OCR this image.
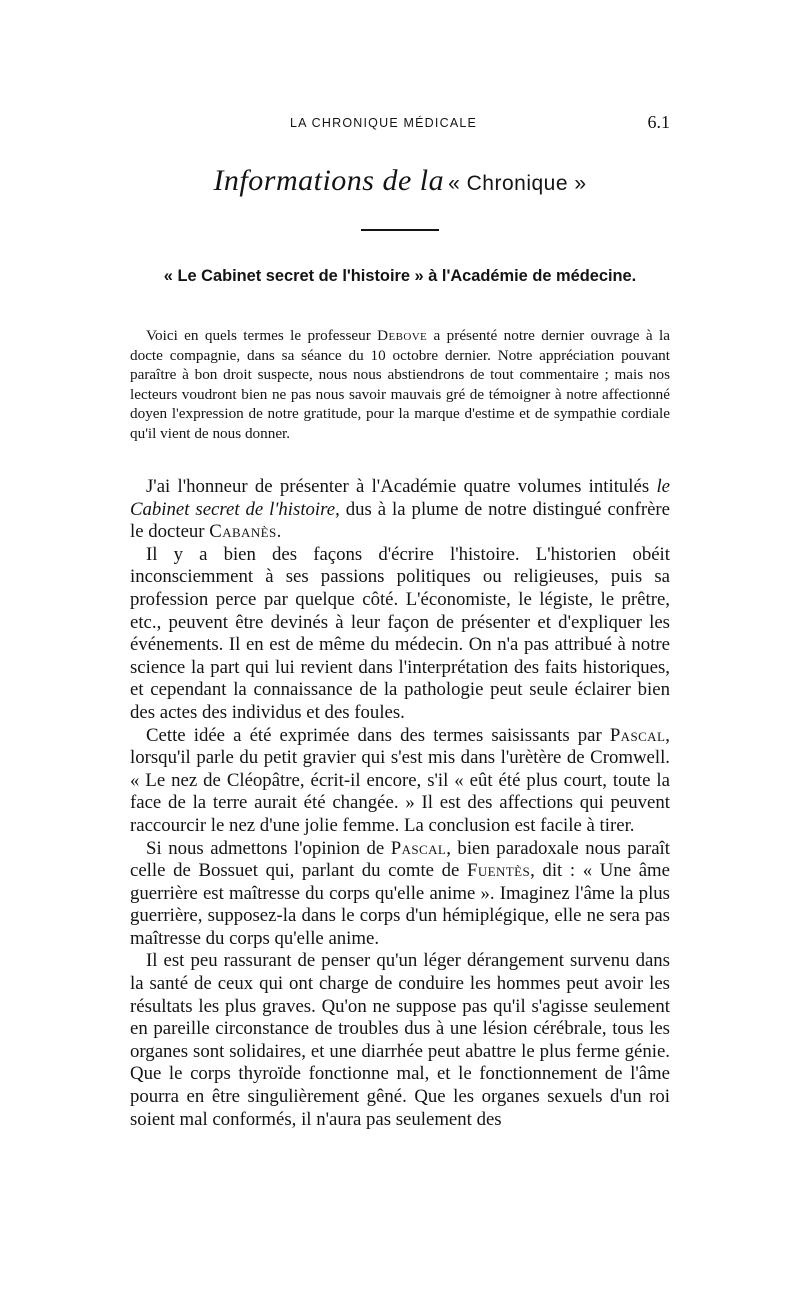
LA CHRONIQUE MÉDICALE	6.1
Informations de la « Chronique »
« Le Cabinet secret de l'histoire » à l'Académie de médecine.

Voici en quels termes le professeur Debove a présenté notre dernier ouvrage à la docte compagnie, dans sa séance du 10 octobre dernier. Notre appréciation pouvant paraître à bon droit suspecte, nous nous abstiendrons de tout commentaire ; mais nos lecteurs voudront bien ne pas nous savoir mauvais gré de témoigner à notre affectionné doyen l'expression de notre gratitude, pour la marque d'estime et de sympathie cordiale qu'il vient de nous donner.

J'ai l'honneur de présenter à l'Académie quatre volumes intitulés le Cabinet secret de l'histoire, dus à la plume de notre distingué confrère le docteur Cabanès.

Il y a bien des façons d'écrire l'histoire. L'historien obéit inconsciemment à ses passions politiques ou religieuses, puis sa profession perce par quelque côté. L'économiste, le légiste, le prêtre, etc., peuvent être devinés à leur façon de présenter et d'expliquer les événements. Il en est de même du médecin. On n'a pas attribué à notre science la part qui lui revient dans l'interprétation des faits historiques, et cependant la connaissance de la pathologie peut seule éclairer bien des actes des individus et des foules.

Cette idée a été exprimée dans des termes saisissants par Pascal, lorsqu'il parle du petit gravier qui s'est mis dans l'urètère de Cromwell. « Le nez de Cléopâtre, écrit-il encore, s'il « eût été plus court, toute la face de la terre aurait été changée. » Il est des affections qui peuvent raccourcir le nez d'une jolie femme. La conclusion est facile à tirer.

Si nous admettons l'opinion de Pascal, bien paradoxale nous paraît celle de Bossuet qui, parlant du comte de Fuentès, dit : « Une âme guerrière est maîtresse du corps qu'elle anime ». Imaginez l'âme la plus guerrière, supposez-la dans le corps d'un hémiplégique, elle ne sera pas maîtresse du corps qu'elle anime.

Il est peu rassurant de penser qu'un léger dérangement survenu dans la santé de ceux qui ont charge de conduire les hommes peut avoir les résultats les plus graves. Qu'on ne suppose pas qu'il s'agisse seulement en pareille circonstance de troubles dus à une lésion cérébrale, tous les organes sont solidaires, et une diarrhée peut abattre le plus ferme génie. Que le corps thyroïde fonctionne mal, et le fonctionnement de l'âme pourra en être singulièrement gêné. Que les organes sexuels d'un roi soient mal conformés, il n'aura pas seulement des
